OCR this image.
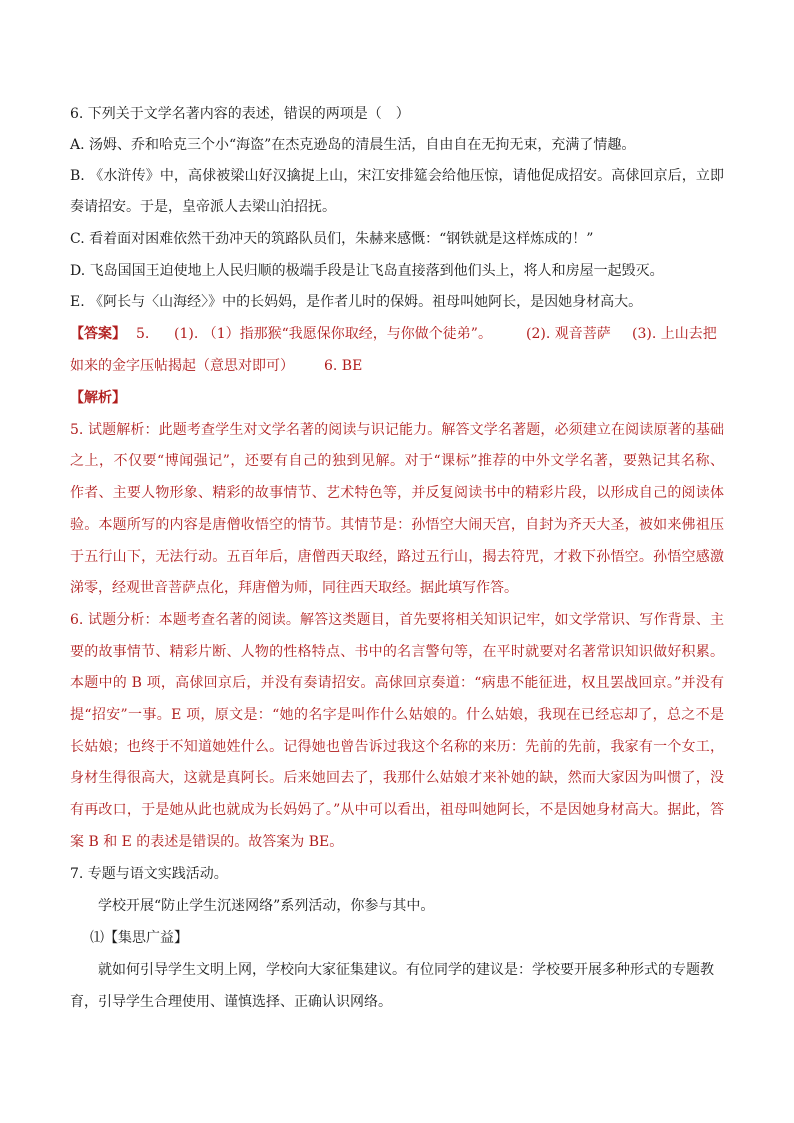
6. 下列关于文学名著内容的表述，错误的两项是（　）
A. 汤姆、乔和哈克三个小“海盗”在杰克逊岛的清晨生活，自由自在无拘无束，充满了情趣。
B. 《水浒传》中，高俅被梁山好汉擒捉上山，宋江安排筵会给他压惊，请他促成招安。高俅回京后，立即
奏请招安。于是，皇帝派人去梁山泊招抚。
C. 看着面对困难依然干劲冲天的筑路队员们，朱赫来感慨：“钢铁就是这样炼成的！”
D. 飞岛国国王迫使地上人民归顺的极端手段是让飞岛直接落到他们头上，将人和房屋一起毁灭。
E. 《阿长与〈山海经〉》中的长妈妈，是作者儿时的保姆。祖母叫她阿长，是因她身材高大。
【答案】 5. (1). （1）指那猴“我愿保你取经，与你做个徒弟”。 (2). 观音菩萨 (3). 上山去把
如来的金字压帖揭起（意思对即可） 6. BE
【解析】
5. 试题解析：此题考查学生对文学名著的阅读与识记能力。解答文学名著题，必须建立在阅读原著的基础
之上，不仅要“博闻强记”，还要有自己的独到见解。对于“课标”推荐的中外文学名著，要熟记其名称、
作者、主要人物形象、精彩的故事情节、艺术特色等，并反复阅读书中的精彩片段，以形成自己的阅读体
验。本题所写的内容是唐僧收悟空的情节。其情节是：孙悟空大闹天宫，自封为齐天大圣，被如来佛祖压
于五行山下，无法行动。五百年后，唐僧西天取经，路过五行山，揭去符咒，才救下孙悟空。孙悟空感激
涕零，经观世音菩萨点化，拜唐僧为师，同往西天取经。据此填写作答。
6. 试题分析：本题考查名著的阅读。解答这类题目，首先要将相关知识记牢，如文学常识、写作背景、主
要的故事情节、精彩片断、人物的性格特点、书中的名言警句等，在平时就要对名著常识知识做好积累。
本题中的 B 项，高俅回京后，并没有奏请招安。高俅回京奏道：“病患不能征进，权且罢战回京。”并没有
提“招安”一事。E 项，原文是：“她的名字是叫作什么姑娘的。什么姑娘，我现在已经忘却了，总之不是
长姑娘；也终于不知道她姓什么。记得她也曾告诉过我这个名称的来历：先前的先前，我家有一个女工，
身材生得很高大，这就是真阿长。后来她回去了，我那什么姑娘才来补她的缺，然而大家因为叫惯了，没
有再改口，于是她从此也就成为长妈妈了。”从中可以看出，祖母叫她阿长，不是因她身材高大。据此，答
案 B 和 E 的表述是错误的。故答案为 BE。
7. 专题与语文实践活动。
学校开展“防止学生沉迷网络”系列活动，你参与其中。
⑴【集思广益】
就如何引导学生文明上网，学校向大家征集建议。有位同学的建议是：学校要开展多种形式的专题教
育，引导学生合理使用、谨慎选择、正确认识网络。
